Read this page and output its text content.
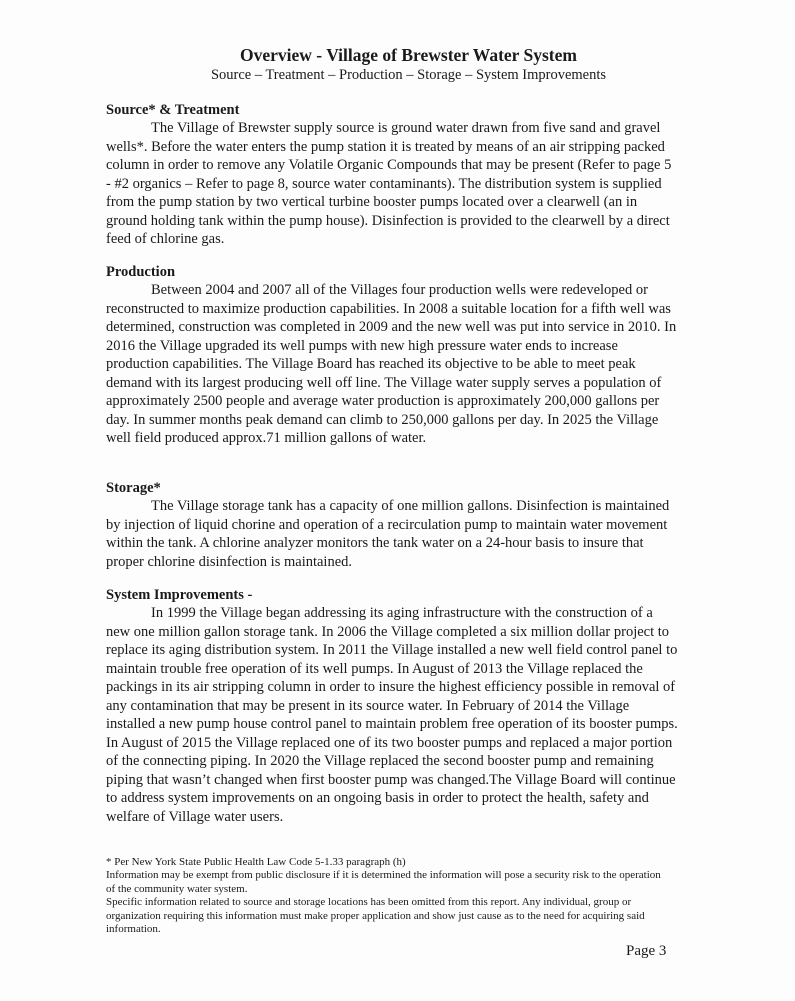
Overview - Village of Brewster Water System
Source – Treatment – Production – Storage – System Improvements

Source* & Treatment

The Village of Brewster supply source is ground water drawn from five sand and gravel wells*. Before the water enters the pump station it is treated by means of an air stripping packed column in order to remove any Volatile Organic Compounds that may be present (Refer to page 5 - #2 organics – Refer to page 8, source water contaminants). The distribution system is supplied from the pump station by two vertical turbine booster pumps located over a clearwell (an in ground holding tank within the pump house). Disinfection is provided to the clearwell by a direct feed of chlorine gas.

Production

Between 2004 and 2007 all of the Villages four production wells were redeveloped or reconstructed to maximize production capabilities. In 2008 a suitable location for a fifth well was determined, construction was completed in 2009 and the new well was put into service in 2010. In 2016 the Village upgraded its well pumps with new high pressure water ends to increase production capabilities. The Village Board has reached its objective to be able to meet peak demand with its largest producing well off line. The Village water supply serves a population of approximately 2500 people and average water production is approximately 200,000 gallons per day. In summer months peak demand can climb to 250,000 gallons per day. In 2025 the Village well field produced approx.71 million gallons of water.

Storage*

The Village storage tank has a capacity of one million gallons. Disinfection is maintained by injection of liquid chorine and operation of a recirculation pump to maintain water movement within the tank. A chlorine analyzer monitors the tank water on a 24-hour basis to insure that proper chlorine disinfection is maintained.

System Improvements -

In 1999 the Village began addressing its aging infrastructure with the construction of a new one million gallon storage tank. In 2006 the Village completed a six million dollar project to replace its aging distribution system. In 2011 the Village installed a new well field control panel to maintain trouble free operation of its well pumps. In August of 2013 the Village replaced the packings in its air stripping column in order to insure the highest efficiency possible in removal of any contamination that may be present in its source water. In February of 2014 the Village installed a new pump house control panel to maintain problem free operation of its booster pumps. In August of 2015 the Village replaced one of its two booster pumps and replaced a major portion of the connecting piping. In 2020 the Village replaced the second booster pump and remaining piping that wasn’t changed when first booster pump was changed.The Village Board will continue to address system improvements on an ongoing basis in order to protect the health, safety and welfare of Village water users.

* Per New York State Public Health Law Code 5-1.33 paragraph (h)

Information may be exempt from public disclosure if it is determined the information will pose a security risk to the operation of the community water system.

Specific information related to source and storage locations has been omitted from this report. Any individual, group or organization requiring this information must make proper application and show just cause as to the need for acquiring said information.

Page 3
